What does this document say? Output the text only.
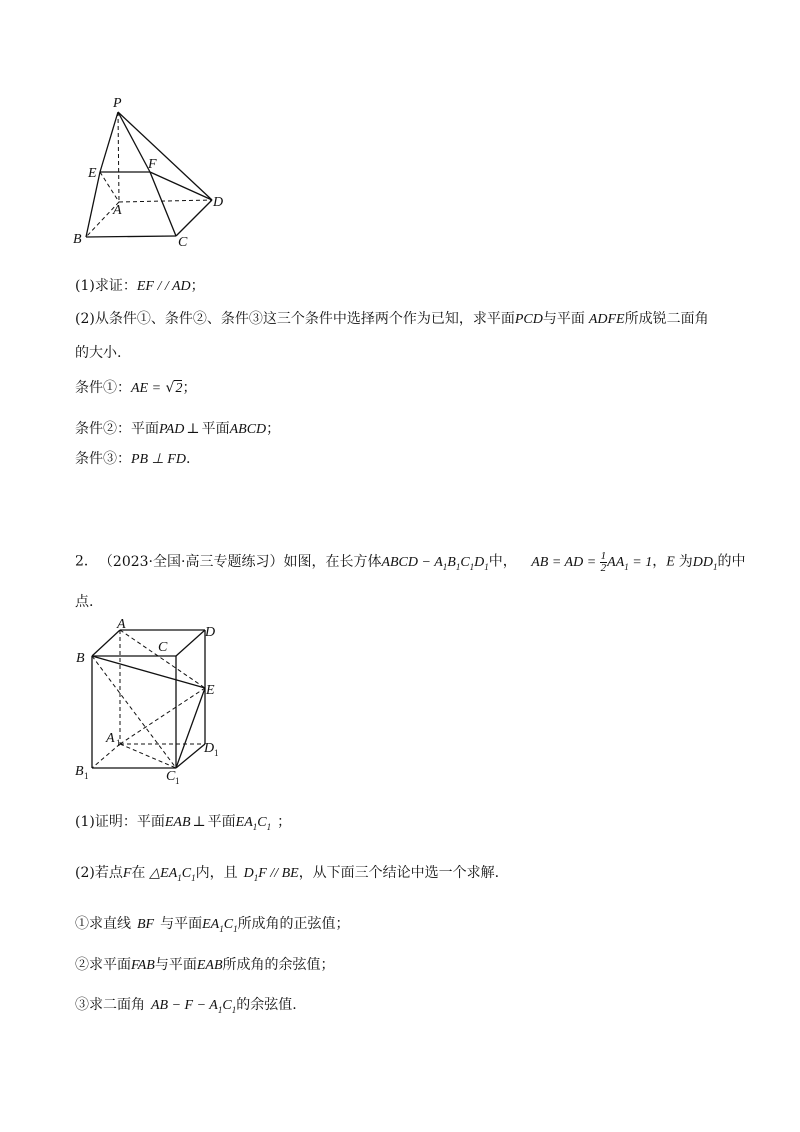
P
E
F
A
B	C
D
(1)求证：EF / / AD；
(2)从条件①、条件②、条件③这三个条件中选择两个作为已知，求平面PCD与平面 ADFE所成锐二面角
的大小.
条件①：AE = √2；
条件②：平面PAD ⊥ 平面ABCD；
条件③：PB ⊥ FD.
2． （2023·全国·高三专题练习）如图，在长方体ABCD − $A_1B_1C_1D_1$中， AB = AD = $\frac{1}{2} AA_1 = 1$，E 为$DD_1$的中
点.
A
C
D
B
E
A 1	D 1
B 1	C 1
(1)证明：平面EAB ⊥ 平面$EA_1C_1$ ；
(2)若点F在 $\triangle EA_1C_1$内，且 $D_1F$ // BE，从下面三个结论中选一个求解.
①求直线 BF 与平面$EA_1C_1$所成角的正弦值；
②求平面FAB与平面EAB所成角的余弦值；
③求二面角 AB − $F - A_1C_1$的余弦值.
